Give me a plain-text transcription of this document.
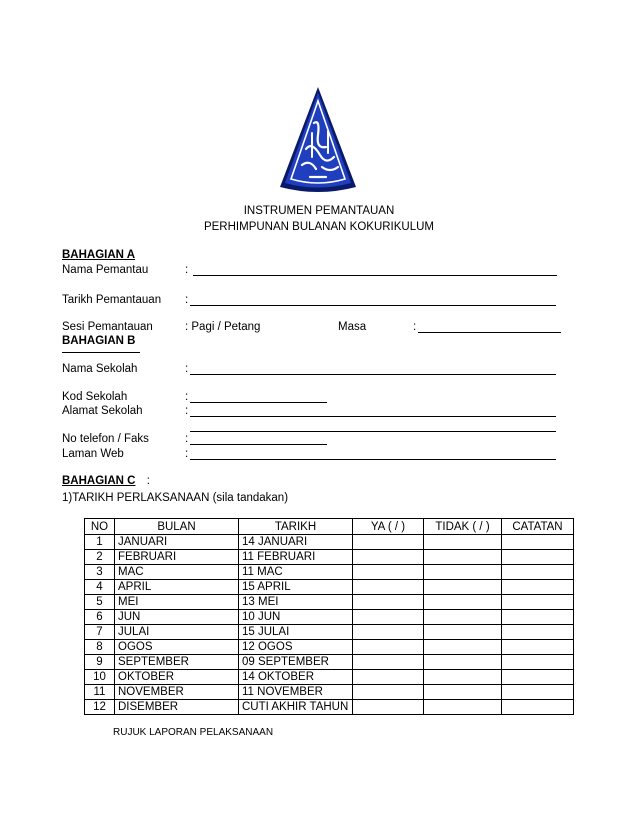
INSTRUMEN PEMANTAUAN
PERHIMPUNAN BULANAN KOKURIKULUM
BAHAGIAN A
Nama Pemantau	:
Tarikh Pemantauan :
Sesi Pemantauan	: Pagi / Petang	Masa	:
BAHAGIAN B
Nama Sekolah	:
Kod Sekolah	:
Alamat Sekolah	:
No telefon / Faks	:
Laman Web	:
BAHAGIAN C :
1)TARIKH PERLAKSANAAN (sila tandakan)
NO	BULAN	TARIKH	YA ( / )	TIDAK ( / )	CATATAN
1	JANUARI	14 JANUARI			
2	FEBRUARI	11 FEBRUARI			
3	MAC	11 MAC			
4	APRIL	15 APRIL			
5	MEI	13 MEI			
6	JUN	10 JUN			
7	JULAI	15 JULAI			
8	OGOS	12 OGOS			
9	SEPTEMBER	09 SEPTEMBER			
10	OKTOBER	14 OKTOBER			
11	NOVEMBER	11 NOVEMBER			
12	DISEMBER	CUTI AKHIR TAHUN			
RUJUK LAPORAN PELAKSANAAN
